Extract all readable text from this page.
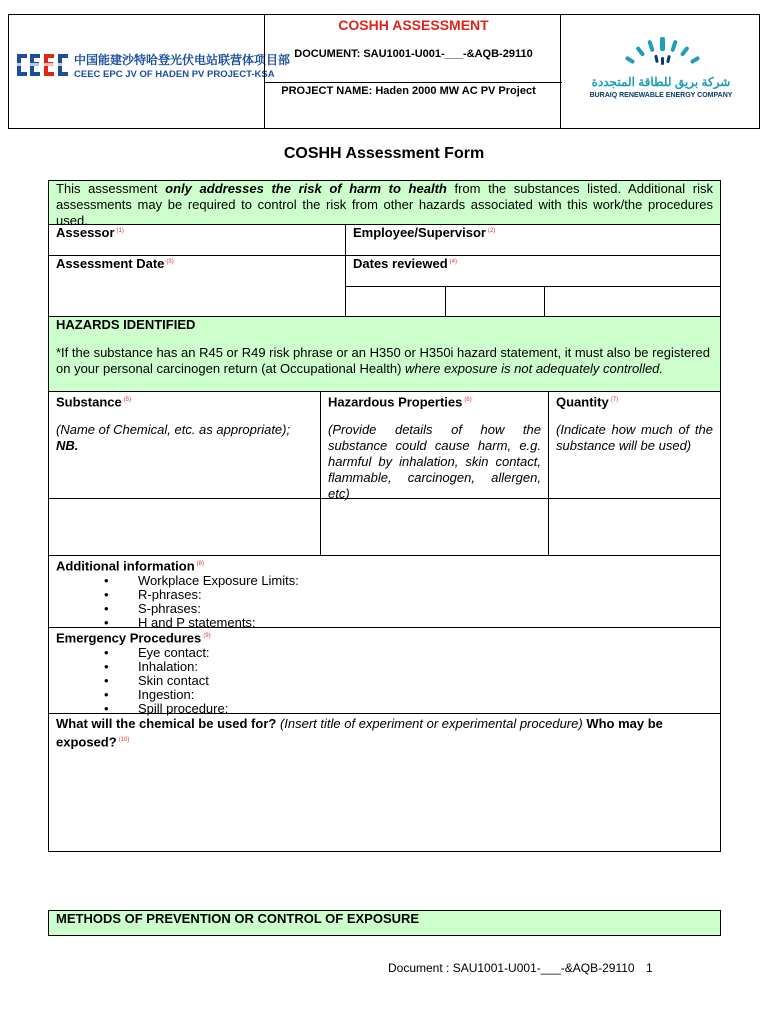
中国能建沙特哈登光伏电站联营体项目部
CEEC EPC JV OF HADEN PV PROJECT-KSA
COSHH ASSESSMENT
DOCUMENT: SAU1001-U001-___-&AQB-29110
PROJECT NAME: Haden 2000 MW AC PV Project
شركة بريق للطاقة المتجددة
BURAIQ RENEWABLE ENERGY COMPANY
COSHH Assessment Form
This assessment only addresses the risk of harm to health from the substances listed. Additional risk assessments may be required to control the risk from other hazards associated with this work/the procedures used.
Assessor $^{(1)}$	Employee/Supervisor $^{(2)}$
Assessment Date $^{(3)}$	Dates reviewed $^{(4)}$
HAZARDS IDENTIFIED
*If the substance has an R45 or R49 risk phrase or an H350 or H350i hazard statement, it must also be registered on your personal carcinogen return (at Occupational Health) where exposure is not adequately controlled.
Substance $^{(5)}$
(Name of Chemical, etc. as appropriate);
NB.
Hazardous Properties $^{(6)}$
(Provide details of how the substance could cause harm, e.g. harmful by inhalation, skin contact, flammable, carcinogen, allergen, etc)
Quantity $^{(7)}$
(Indicate how much of the substance will be used)
Additional information $^{(8)}$
• Workplace Exposure Limits:
• R-phrases:
• S-phrases:
• H and P statements:
Emergency Procedures $^{(9)}$
• Eye contact:
• Inhalation:
• Skin contact
• Ingestion:
• Spill procedure:
What will the chemical be used for? (Insert title of experiment or experimental procedure) Who may be exposed? $^{(10)}$
METHODS OF PREVENTION OR CONTROL OF EXPOSURE
Document : SAU1001-U001-___-&AQB-29110 1
